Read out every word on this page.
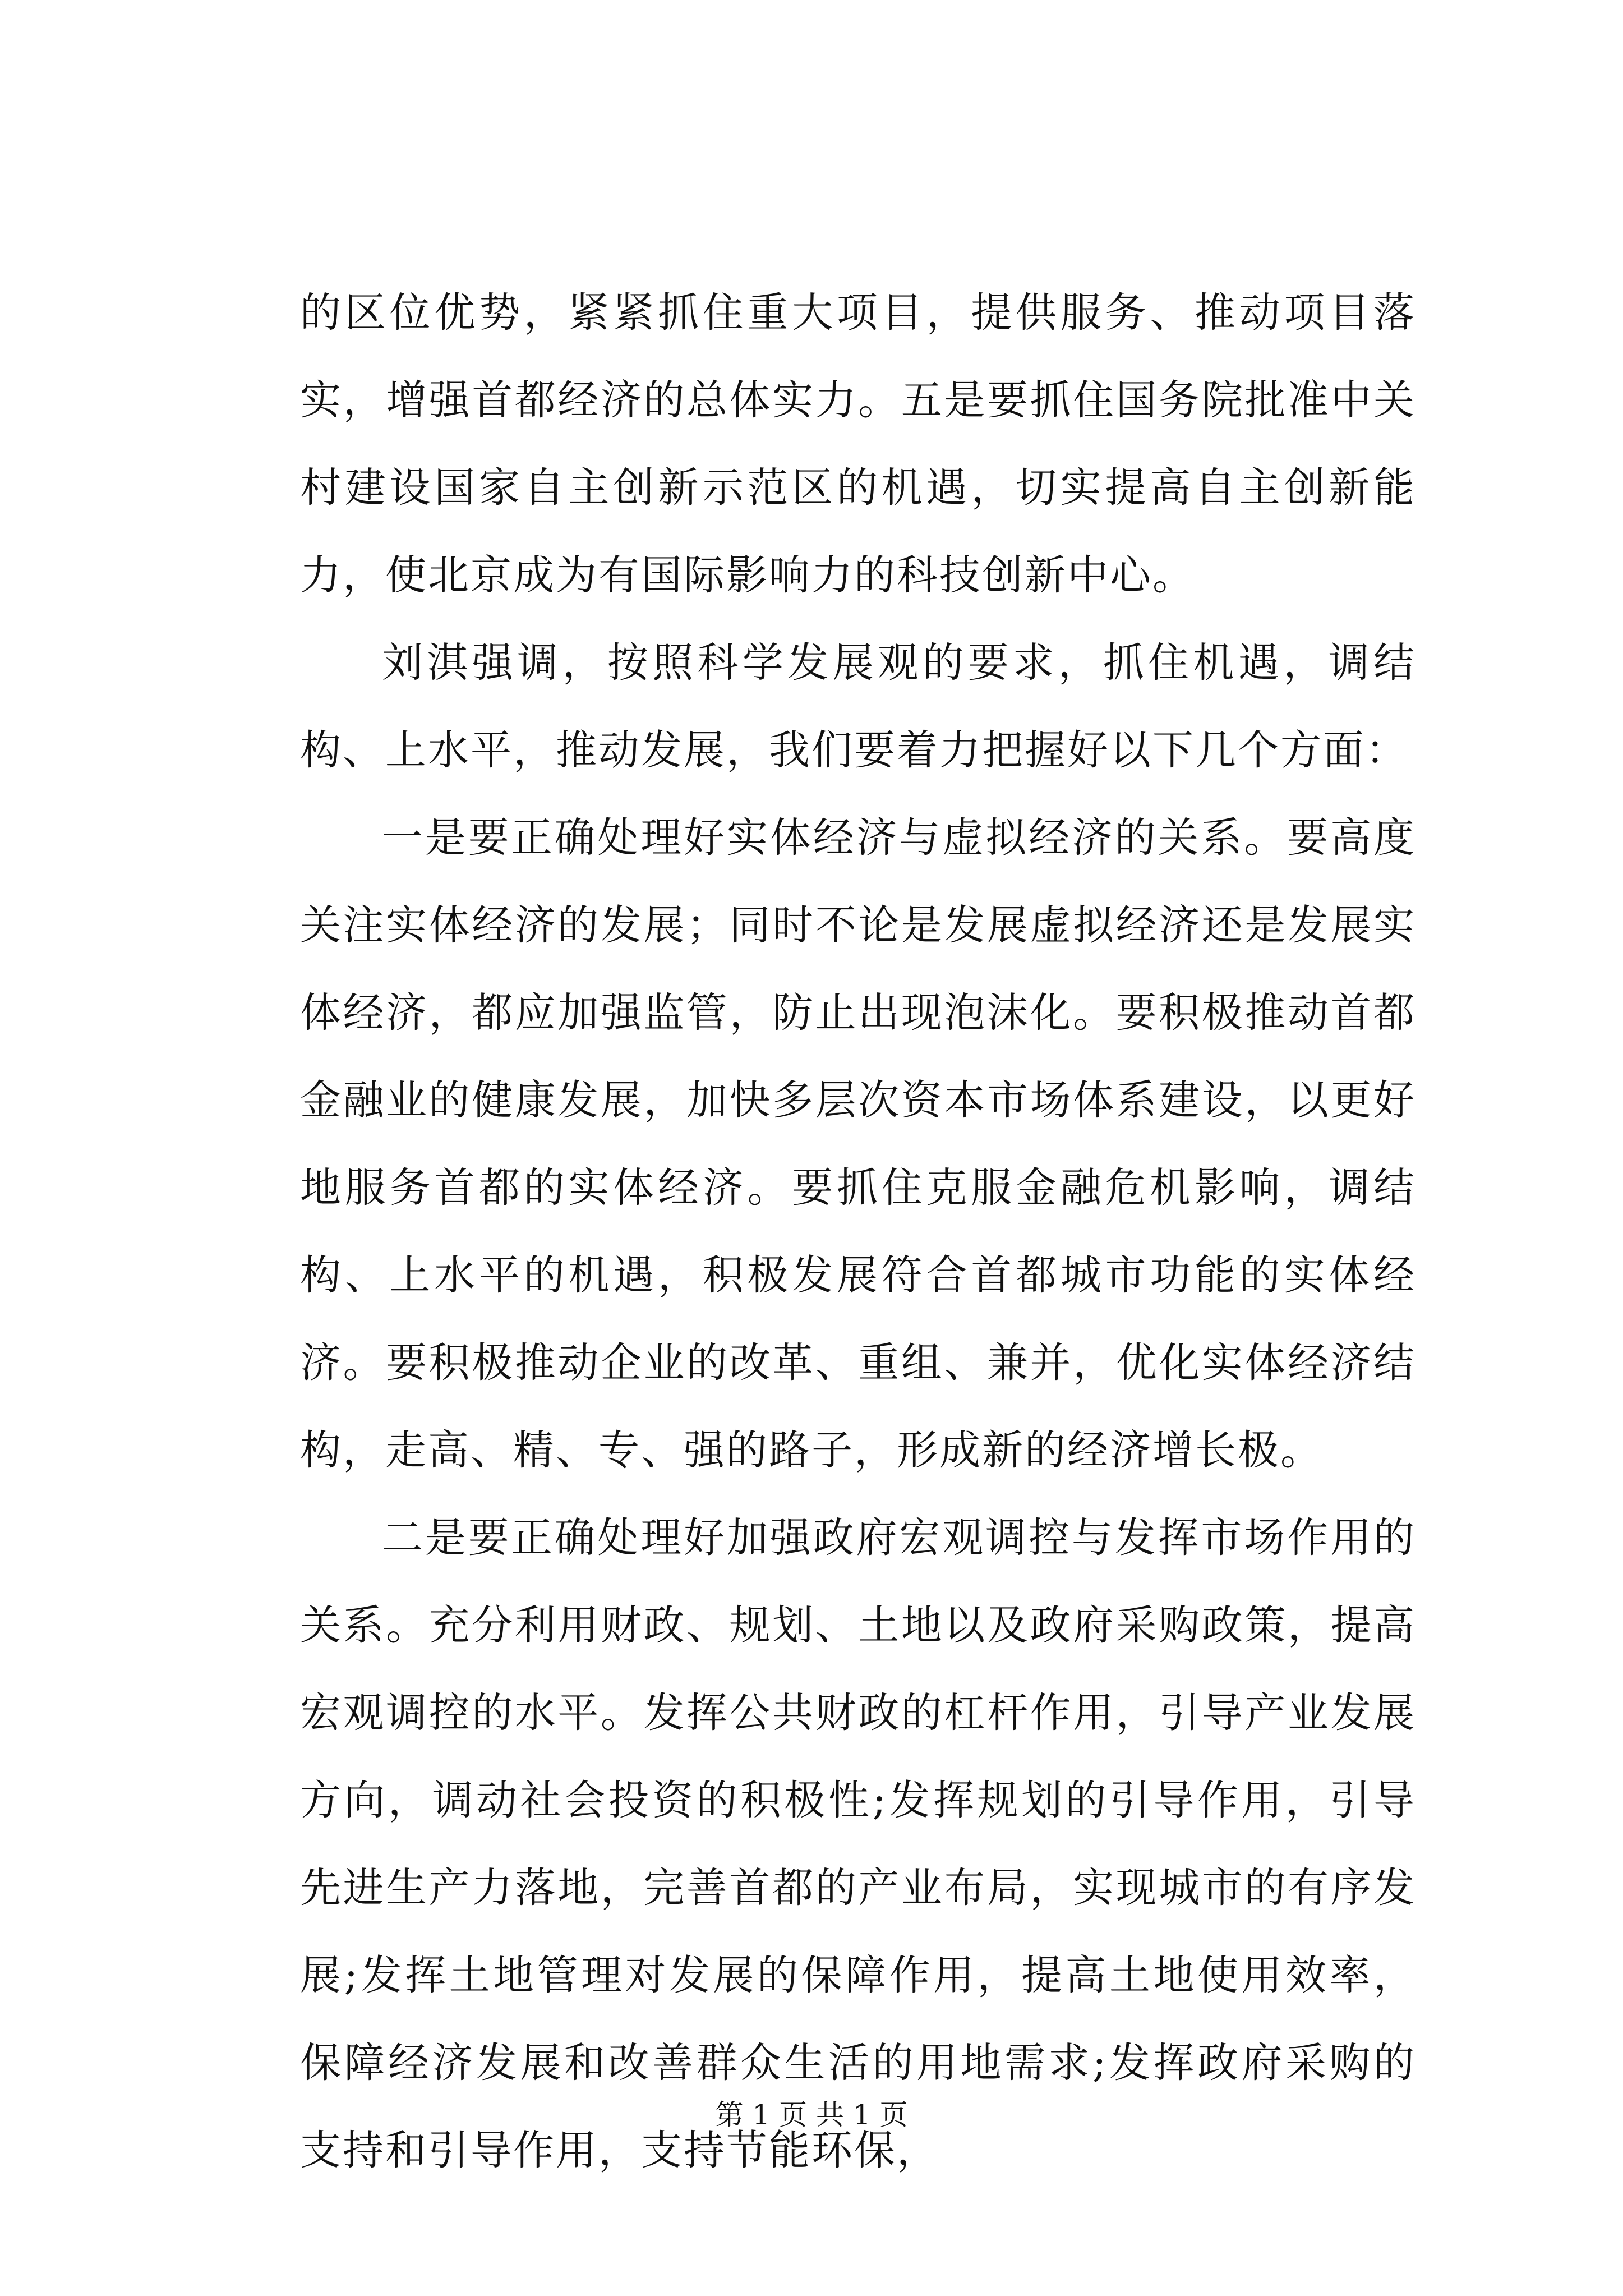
的区位优势，紧紧抓住重大项目，提供服务、推动项目落实，增强首都经济的总体实力。五是要抓住国务院批准中关村建设国家自主创新示范区的机遇，切实提高自主创新能力，使北京成为有国际影响力的科技创新中心。

刘淇强调，按照科学发展观的要求，抓住机遇，调结构、上水平，推动发展，我们要着力把握好以下几个方面：

一是要正确处理好实体经济与虚拟经济的关系。要高度关注实体经济的发展；同时不论是发展虚拟经济还是发展实体经济，都应加强监管，防止出现泡沫化。要积极推动首都金融业的健康发展，加快多层次资本市场体系建设，以更好地服务首都的实体经济。要抓住克服金融危机影响，调结构、上水平的机遇，积极发展符合首都城市功能的实体经济。要积极推动企业的改革、重组、兼并，优化实体经济结构，走高、精、专、强的路子，形成新的经济增长极。

二是要正确处理好加强政府宏观调控与发挥市场作用的关系。充分利用财政、规划、土地以及政府采购政策，提高宏观调控的水平。发挥公共财政的杠杆作用，引导产业发展方向，调动社会投资的积极性;发挥规划的引导作用，引导先进生产力落地，完善首都的产业布局，实现城市的有序发展;发挥土地管理对发展的保障作用，提高土地使用效率，保障经济发展和改善群众生活的用地需求;发挥政府采购的支持和引导作用，支持节能环保，

第 1 页 共 1 页
